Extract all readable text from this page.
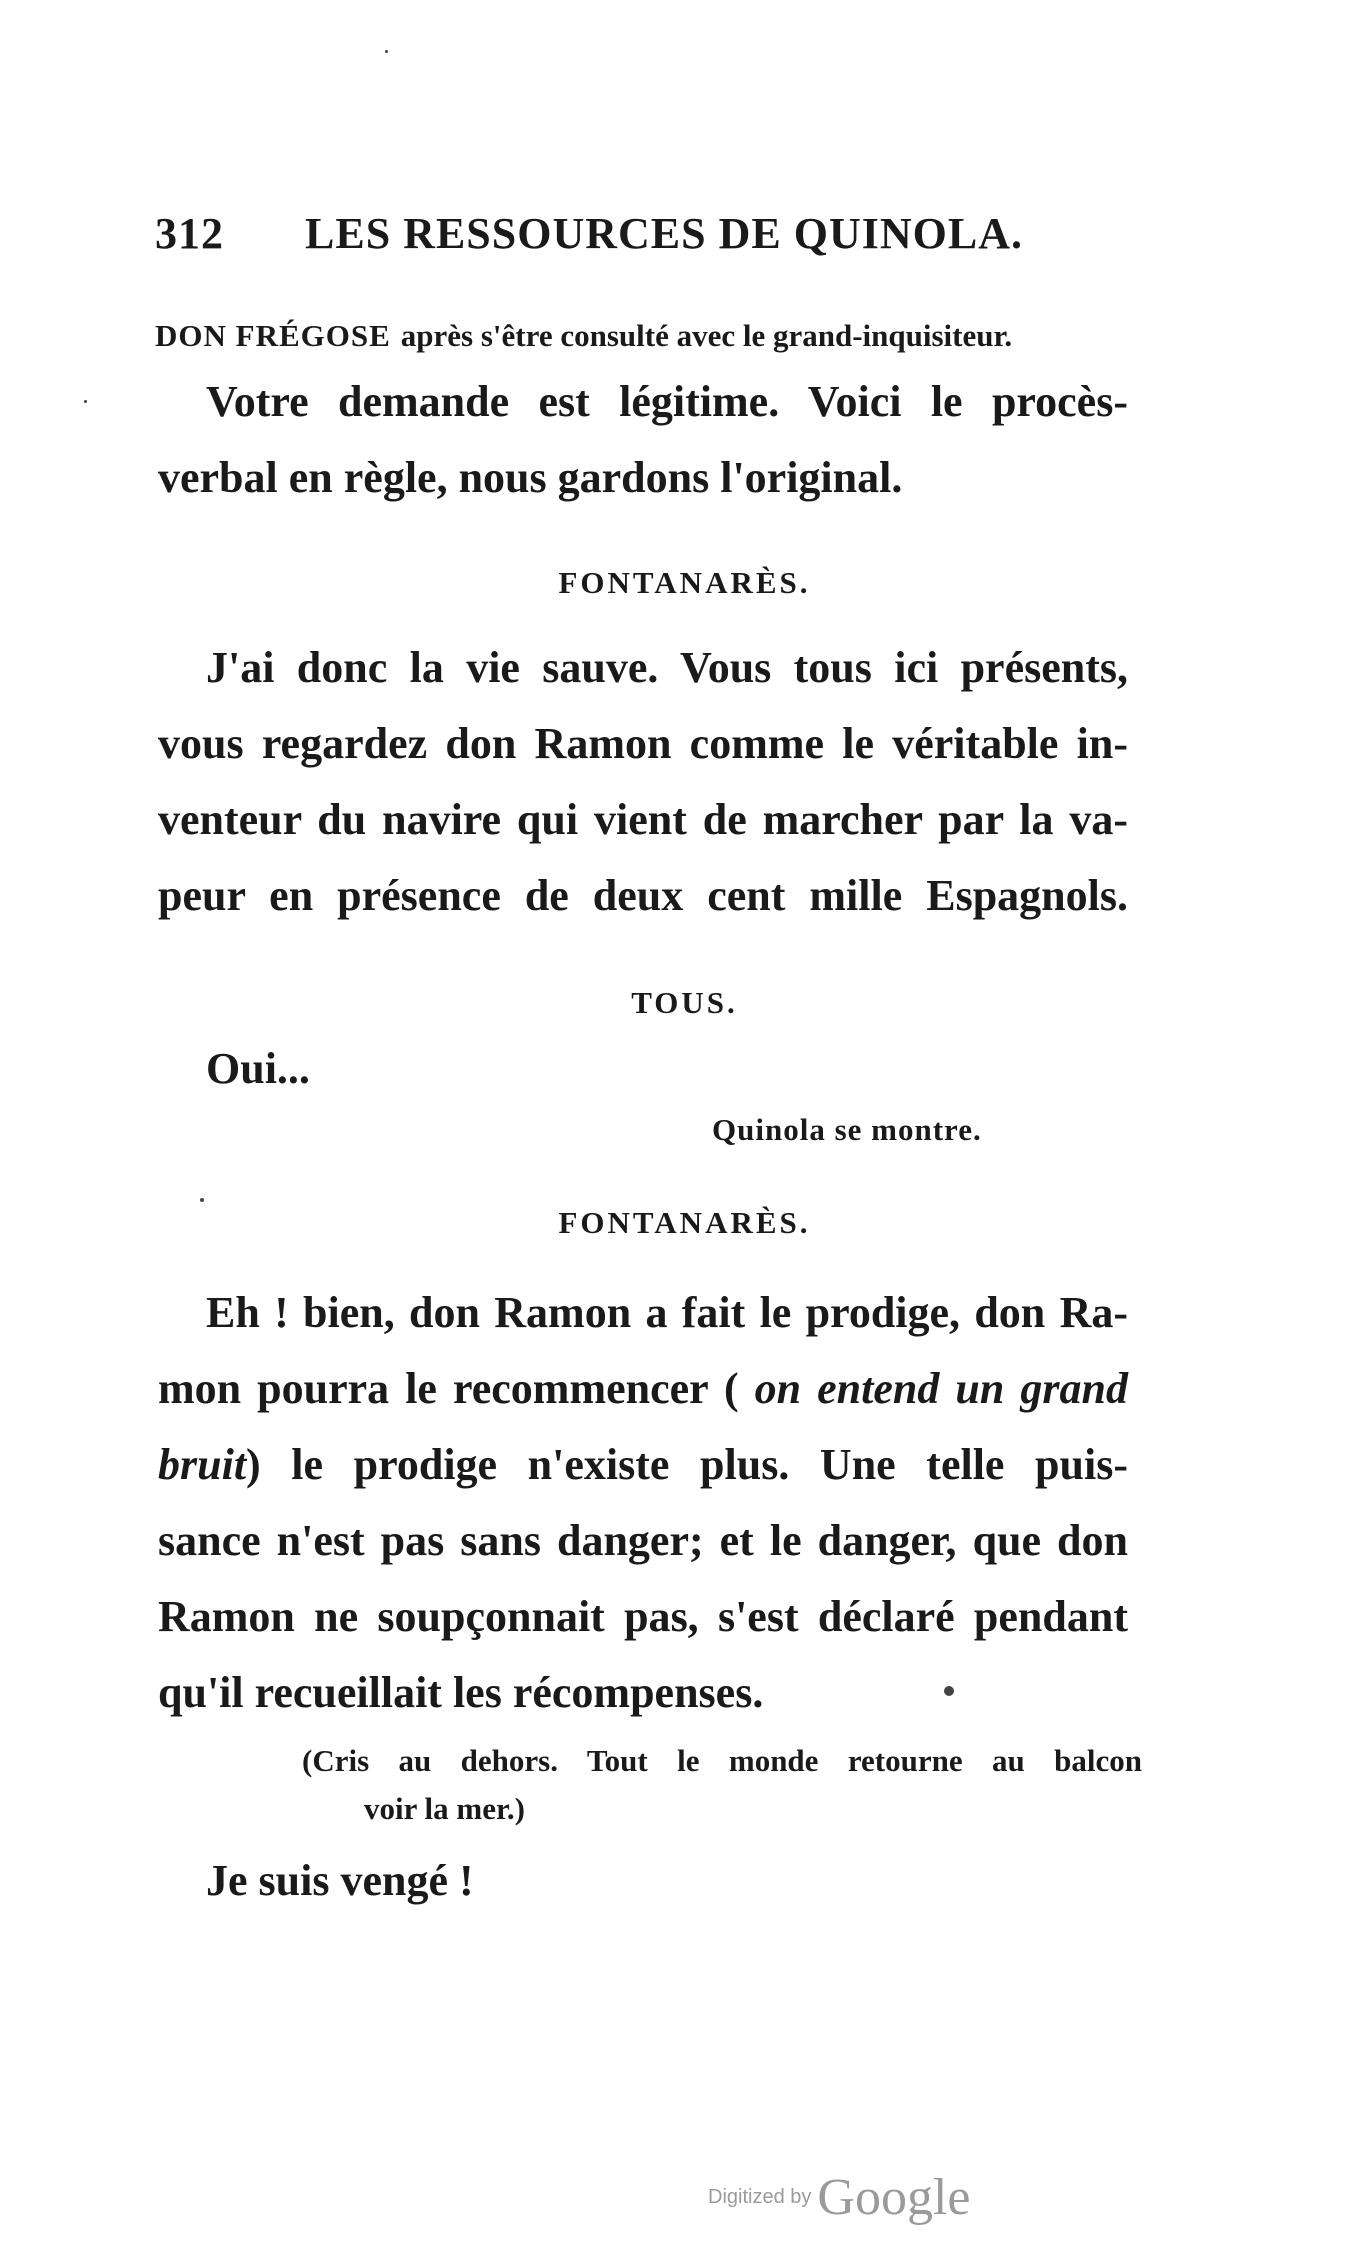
312 LES RESSOURCES DE QUINOLA.
DON FRÉGOSE après s'être consulté avec le grand-inquisiteur.
Votre demande est légitime. Voici le procès-
verbal en règle, nous gardons l'original.
FONTANARÈS.
J'ai donc la vie sauve. Vous tous ici présents,
vous regardez don Ramon comme le véritable in-
venteur du navire qui vient de marcher par la va-
peur en présence de deux cent mille Espagnols.
TOUS.
Oui...
Quinola se montre.
FONTANARÈS.
Eh ! bien, don Ramon a fait le prodige, don Ra-
mon pourra le recommencer ( on entend un grand
bruit) le prodige n'existe plus. Une telle puis-
sance n'est pas sans danger; et le danger, que don
Ramon ne soupçonnait pas, s'est déclaré pendant
qu'il recueillait les récompenses.
(Cris au dehors. Tout le monde retourne au balcon
voir la mer.)
Je suis vengé !
Digitized by Google
